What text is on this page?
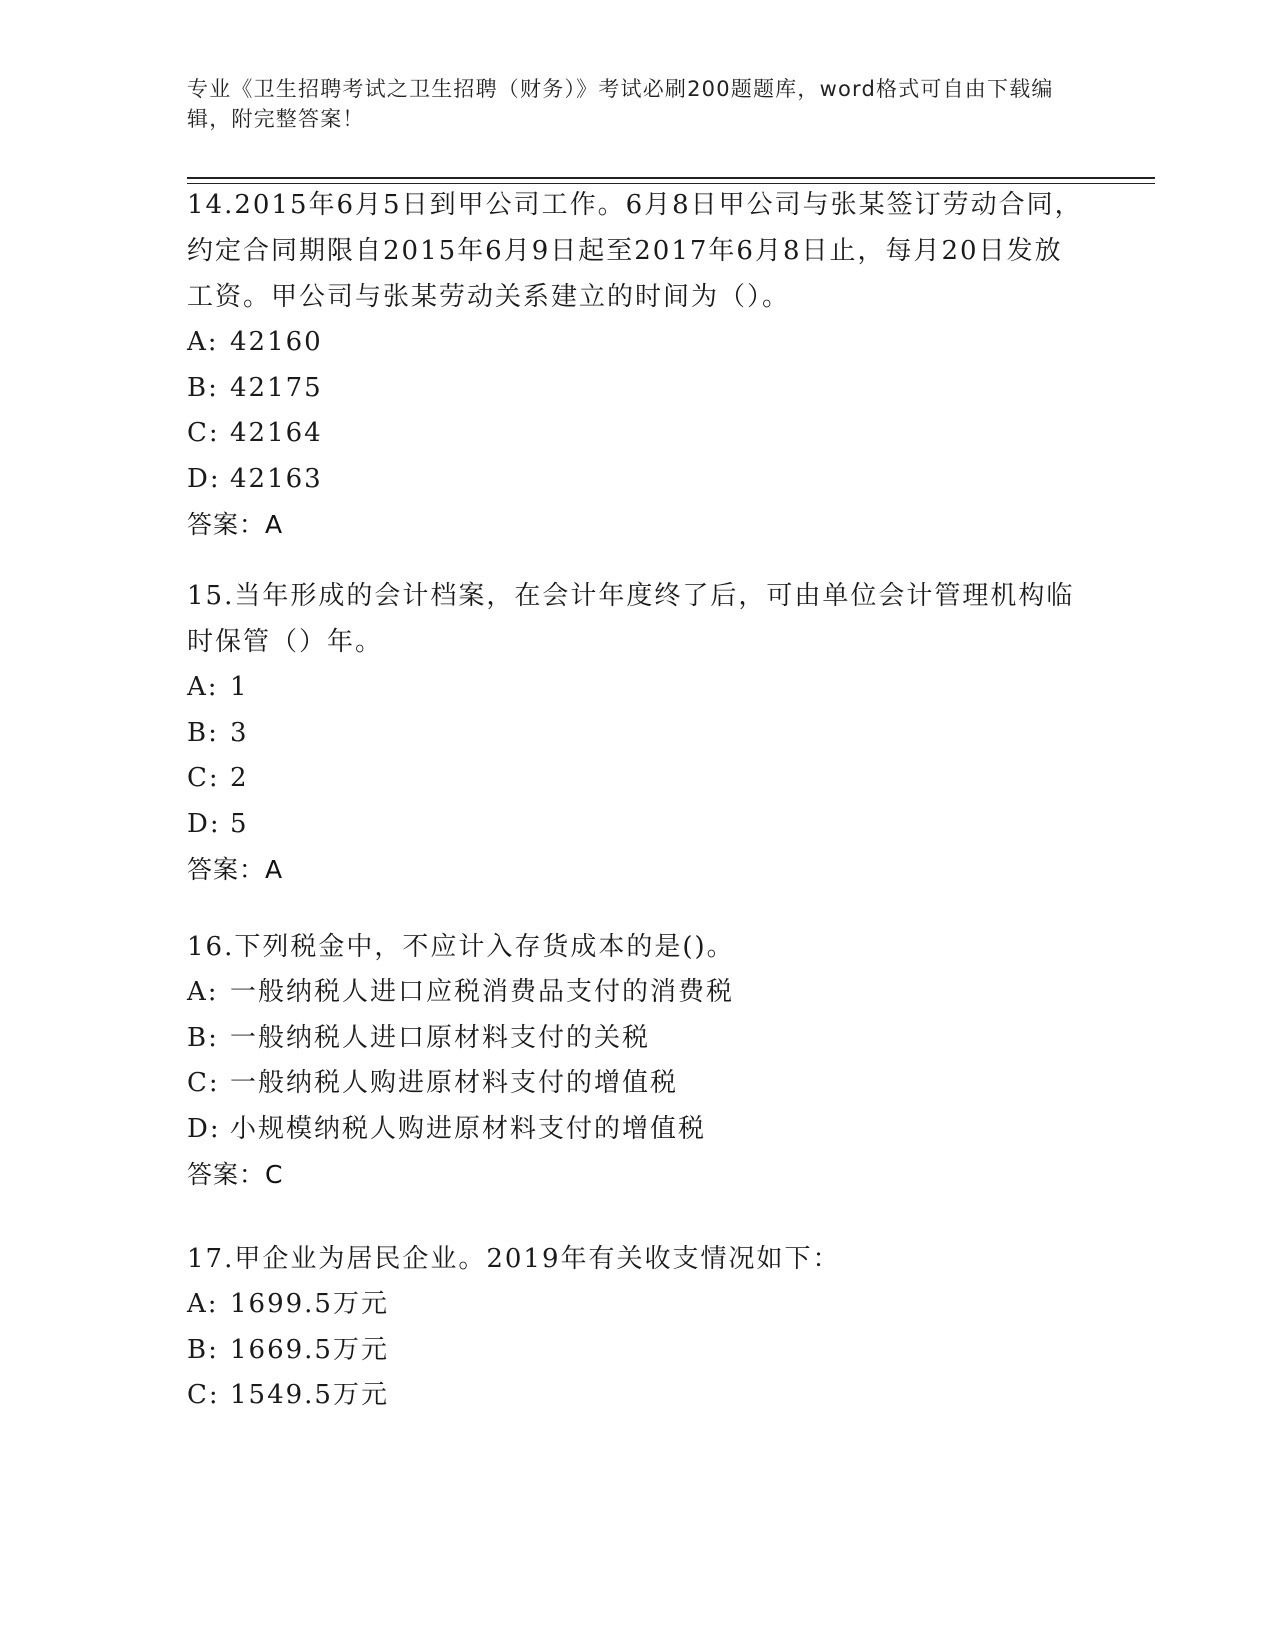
专业《卫生招聘考试之卫生招聘（财务）》考试必刷200题题库，word格式可自由下载编辑，附完整答案！
14.2015年6月5日到甲公司工作。6月8日甲公司与张某签订劳动合同，约定合同期限自2015年6月9日起至2017年6月8日止，每月20日发放工资。甲公司与张某劳动关系建立的时间为（）。
A: 42160
B: 42175
C: 42164
D: 42163
答案：A
15.当年形成的会计档案，在会计年度终了后，可由单位会计管理机构临时保管（）年。
A: 1
B: 3
C: 2
D: 5
答案：A
16.下列税金中，不应计入存货成本的是()。
A: 一般纳税人进口应税消费品支付的消费税
B: 一般纳税人进口原材料支付的关税
C: 一般纳税人购进原材料支付的增值税
D: 小规模纳税人购进原材料支付的增值税
答案：C
17.甲企业为居民企业。2019年有关收支情况如下：
A: 1699.5万元
B: 1669.5万元
C: 1549.5万元
